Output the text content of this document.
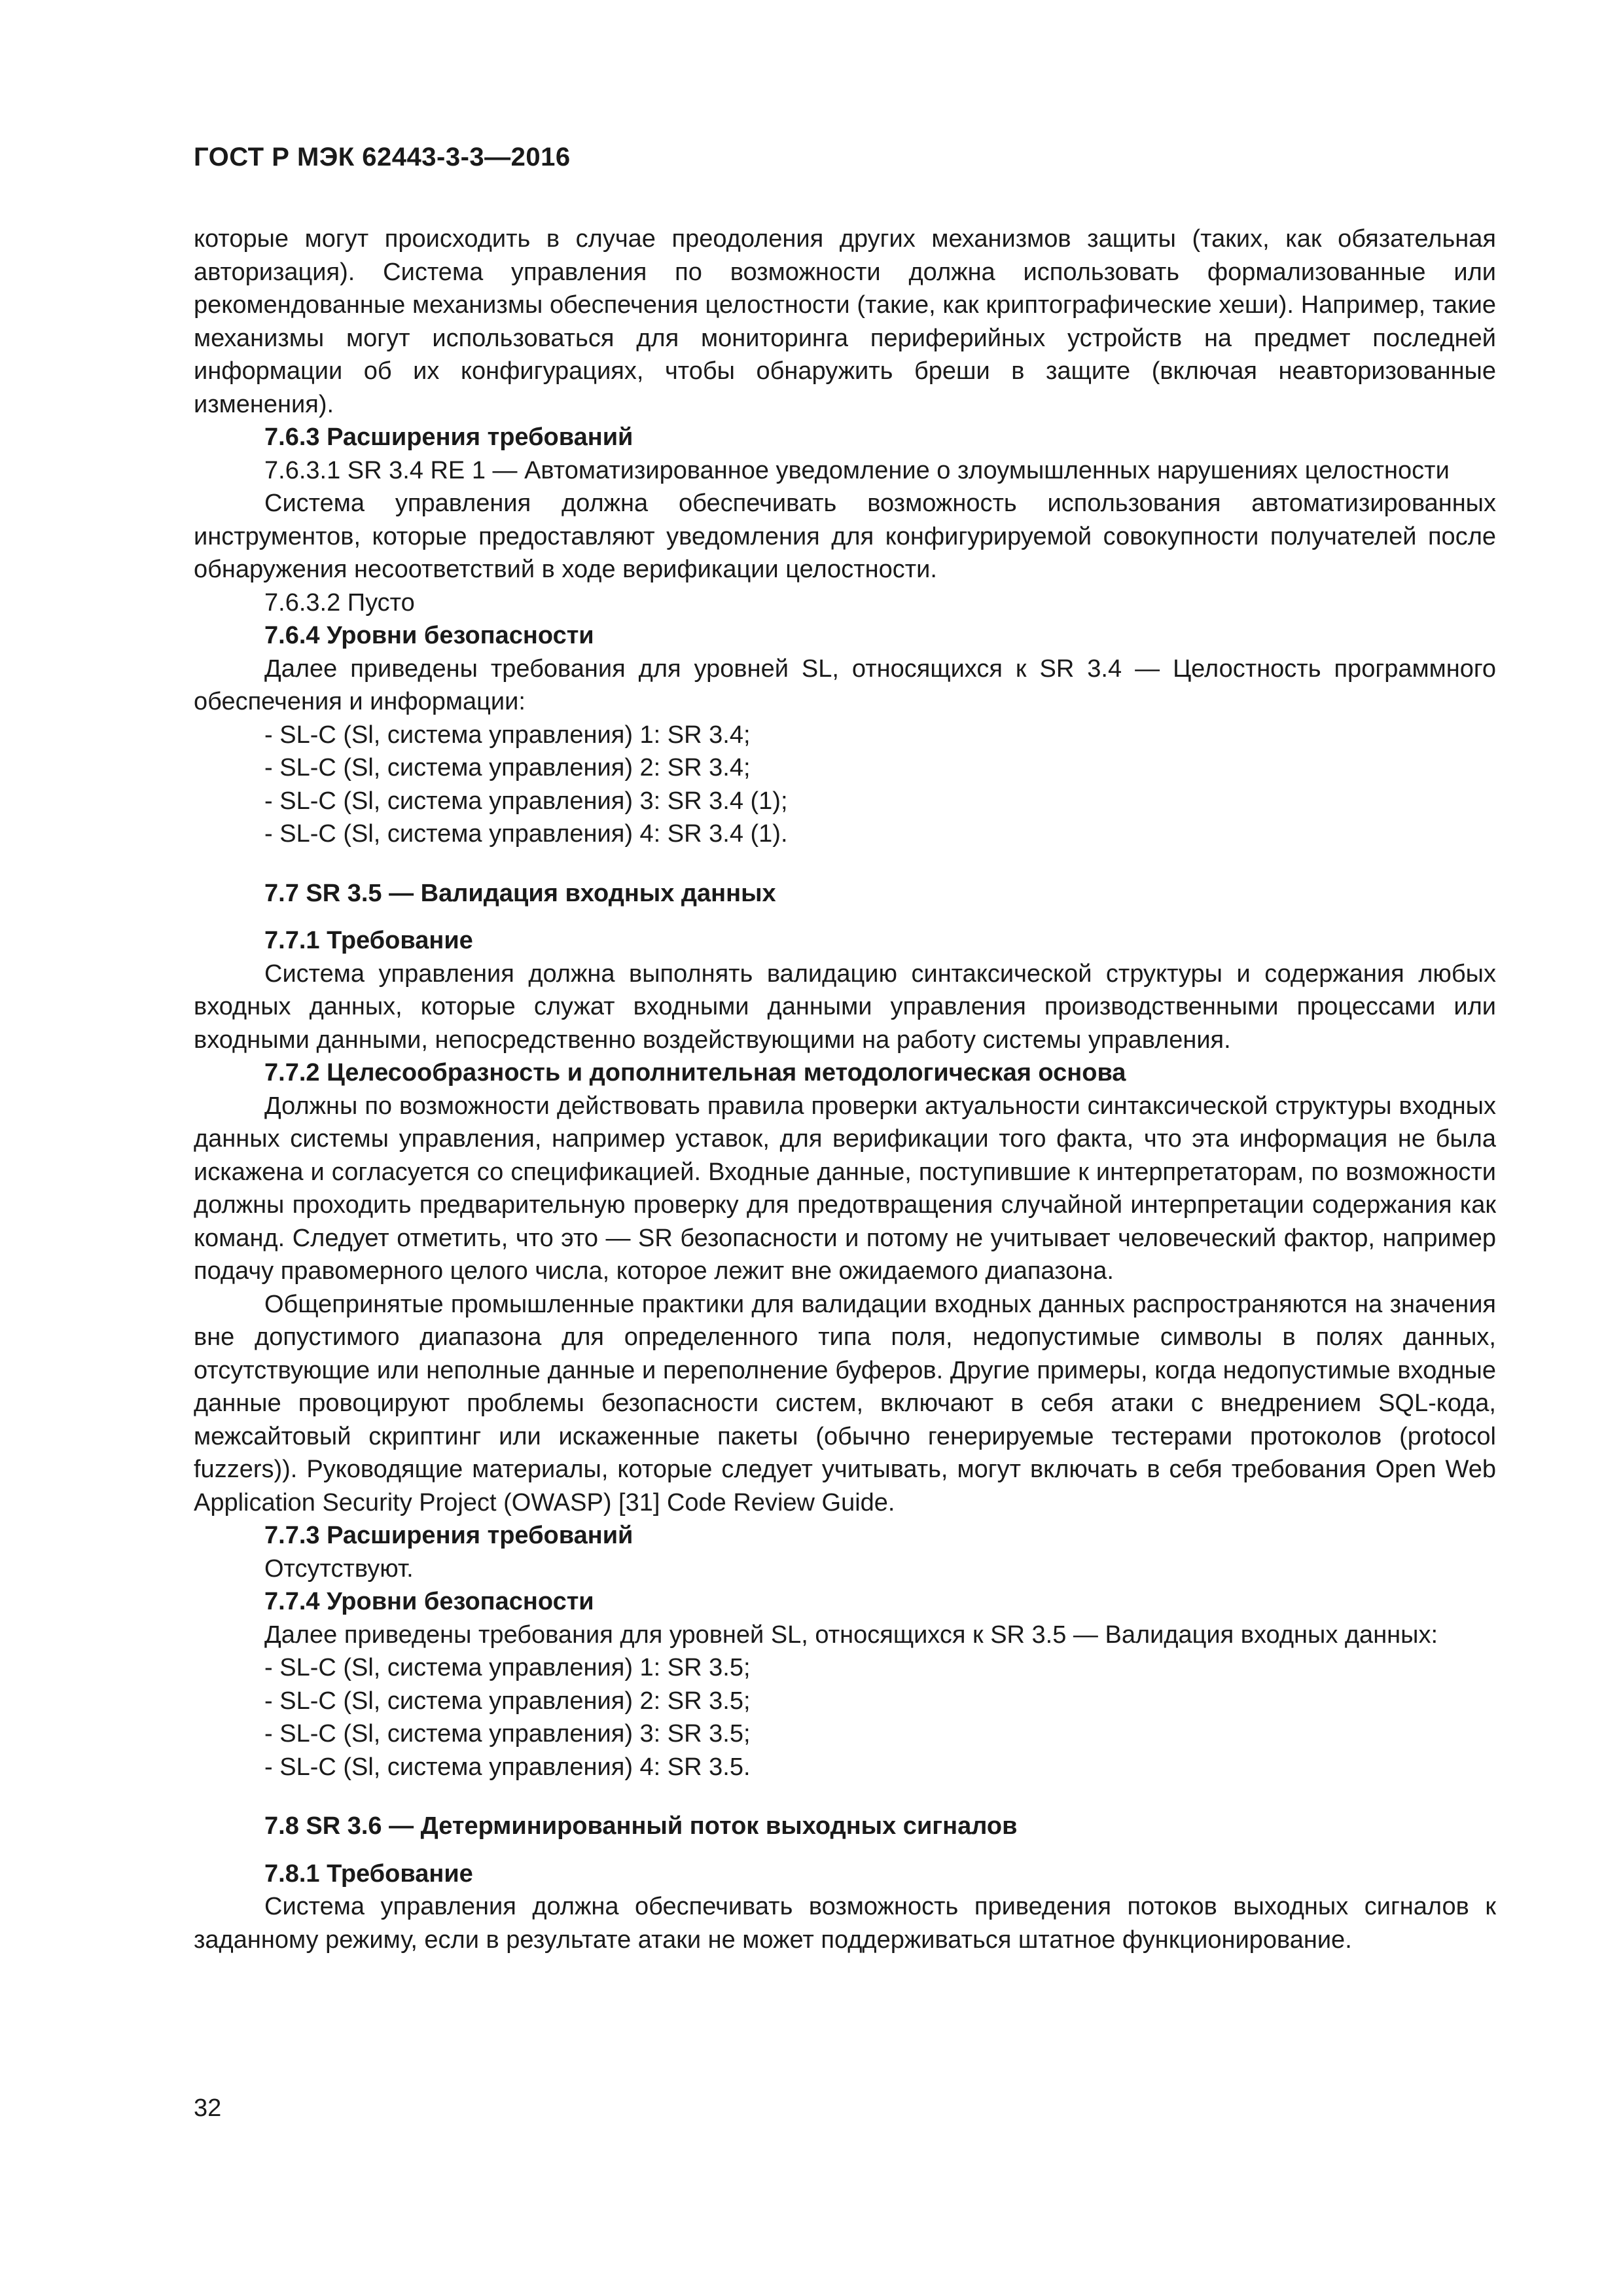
ГОСТ Р МЭК 62443-3-3—2016

которые могут происходить в случае преодоления других механизмов защиты (таких, как обязательная авторизация). Система управления по возможности должна использовать формализованные или рекомендованные механизмы обеспечения целостности (такие, как криптографические хеши). Например, такие механизмы могут использоваться для мониторинга периферийных устройств на предмет последней информации об их конфигурациях, чтобы обнаружить бреши в защите (включая неавторизованные изменения).

7.6.3 Расширения требований

7.6.3.1 SR 3.4 RE 1 — Автоматизированное уведомление о злоумышленных нарушениях целостности

Система управления должна обеспечивать возможность использования автоматизированных инструментов, которые предоставляют уведомления для конфигурируемой совокупности получателей после обнаружения несоответствий в ходе верификации целостности.

7.6.3.2 Пусто

7.6.4 Уровни безопасности

Далее приведены требования для уровней SL, относящихся к SR 3.4 — Целостность программного обеспечения и информации:

- SL-C (Sl, система управления) 1: SR 3.4;
- SL-C (Sl, система управления) 2: SR 3.4;
- SL-C (Sl, система управления) 3: SR 3.4 (1);
- SL-C (Sl, система управления) 4: SR 3.4 (1).

7.7 SR 3.5 — Валидация входных данных

7.7.1 Требование

Система управления должна выполнять валидацию синтаксической структуры и содержания любых входных данных, которые служат входными данными управления производственными процессами или входными данными, непосредственно воздействующими на работу системы управления.

7.7.2 Целесообразность и дополнительная методологическая основа

Должны по возможности действовать правила проверки актуальности синтаксической структуры входных данных системы управления, например уставок, для верификации того факта, что эта информация не была искажена и согласуется со спецификацией. Входные данные, поступившие к интерпретаторам, по возможности должны проходить предварительную проверку для предотвращения случайной интерпретации содержания как команд. Следует отметить, что это — SR безопасности и потому не учитывает человеческий фактор, например подачу правомерного целого числа, которое лежит вне ожидаемого диапазона.

Общепринятые промышленные практики для валидации входных данных распространяются на значения вне допустимого диапазона для определенного типа поля, недопустимые символы в полях данных, отсутствующие или неполные данные и переполнение буферов. Другие примеры, когда недопустимые входные данные провоцируют проблемы безопасности систем, включают в себя атаки с внедрением SQL-кода, межсайтовый скриптинг или искаженные пакеты (обычно генерируемые тестерами протоколов (protocol fuzzers)). Руководящие материалы, которые следует учитывать, могут включать в себя требования Open Web Application Security Project (OWASP) [31] Code Review Guide.

7.7.3 Расширения требований

Отсутствуют.

7.7.4 Уровни безопасности

Далее приведены требования для уровней SL, относящихся к SR 3.5 — Валидация входных данных:

- SL-C (Sl, система управления) 1: SR 3.5;
- SL-C (Sl, система управления) 2: SR 3.5;
- SL-C (Sl, система управления) 3: SR 3.5;
- SL-C (Sl, система управления) 4: SR 3.5.

7.8 SR 3.6 — Детерминированный поток выходных сигналов

7.8.1 Требование

Система управления должна обеспечивать возможность приведения потоков выходных сигналов к заданному режиму, если в результате атаки не может поддерживаться штатное функционирование.

32
